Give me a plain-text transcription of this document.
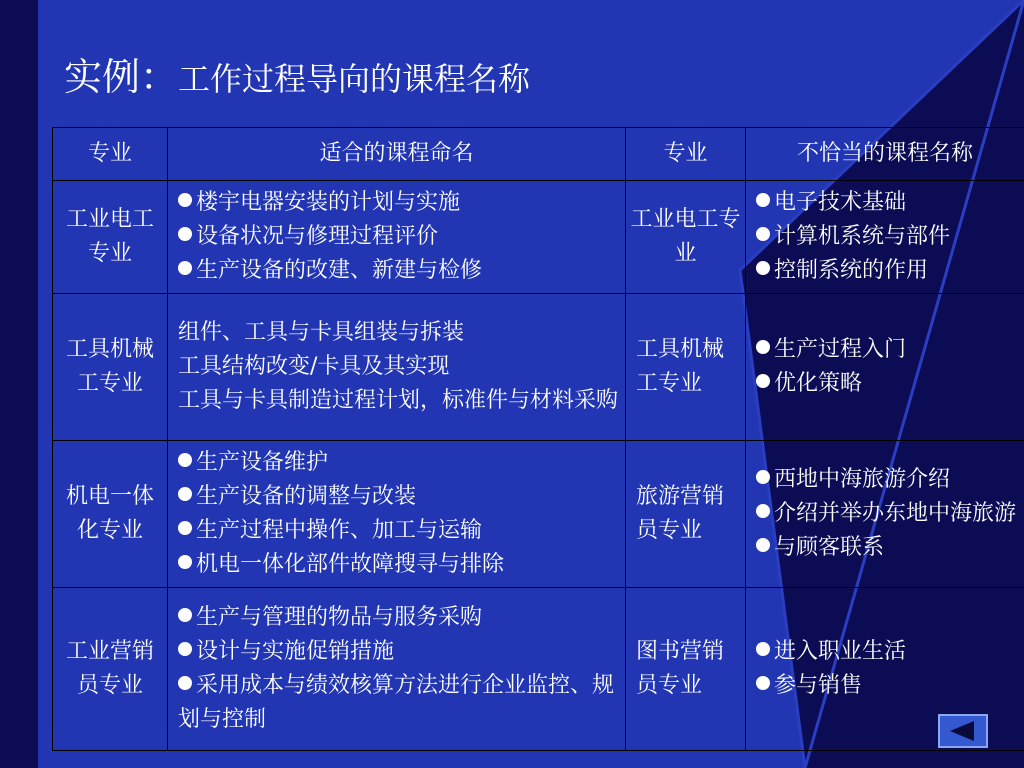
实例：工作过程导向的课程名称
专业	适合的课程命名	专业	不恰当的课程名称
工业电工专业	楼宇电器安装的计划与实施
设备状况与修理过程评价
生产设备的改建、新建与检修	工业电工专业	电子技术基础
计算机系统与部件
控制系统的作用

工具机械工专业	组件、工具与卡具组装与拆装
工具结构改变/卡具及其实现
工具与卡具制造过程计划，标准件与材料采购	工具机械工专业	生产过程入门
优化策略

机电一体化专业	生产设备维护
生产设备的调整与改装
生产过程中操作、加工与运输
机电一体化部件故障搜寻与排除	旅游营销员专业	西地中海旅游介绍
介绍并举办东地中海旅游
与顾客联系

工业营销员专业	生产与管理的物品与服务采购
设计与实施促销措施
采用成本与绩效核算方法进行企业监控、规划与控制	图书营销员专业	进入职业生活
参与销售
